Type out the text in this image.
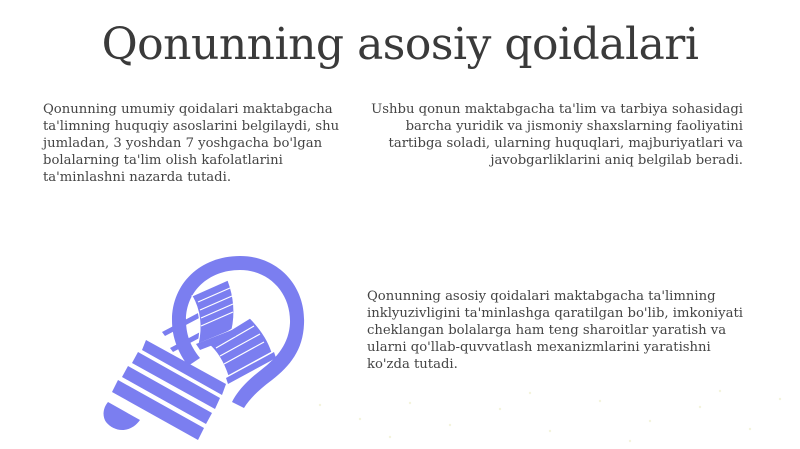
Qonunning asosiy qoidalari
Qonunning umumiy qoidalari maktabgacha ta'limning huquqiy asoslarini belgilaydi, shu jumladan, 3 yoshdan 7 yoshgacha bo'lgan bolalarning ta'lim olish kafolatlarini ta'minlashni nazarda tutadi.
Ushbu qonun maktabgacha ta'lim va tarbiya sohasidagi barcha yuridik va jismoniy shaxslarning faoliyatini tartibga soladi, ularning huquqlari, majburiyatlari va javobgarliklarini aniq belgilab beradi.
Qonunning asosiy qoidalari maktabgacha ta'limning inklyuzivligini ta'minlashga qaratilgan bo'lib, imkoniyati cheklangan bolalarga ham teng sharoitlar yaratish va ularni qo'llab-quvvatlash mexanizmlarini yaratishni ko'zda tutadi.
